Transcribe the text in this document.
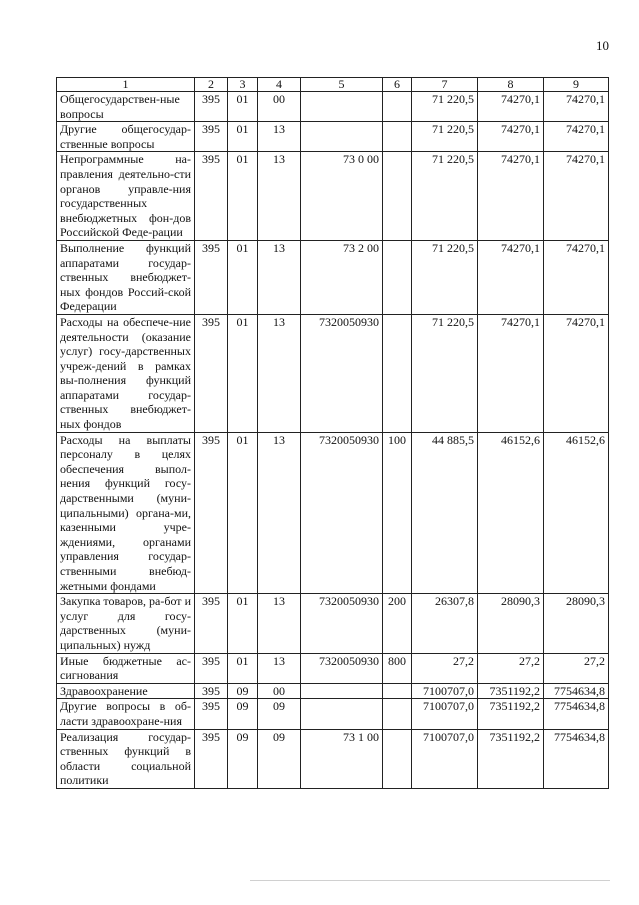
10
1	2	3	4	5	6	7	8	9
Общегосударствен-ные вопросы	395	01	00			71 220,5	74270,1	74270,1
Другие общегосудар-ственные вопросы	395	01	13			71 220,5	74270,1	74270,1
Непрограммные на-правления деятельно-сти органов управле-ния государственных внебюджетных фон-дов Российской Феде-рации	395	01	13	73 0 00		71 220,5	74270,1	74270,1
Выполнение функций аппаратами государ-ственных внебюджет-ных фондов Россий-ской Федерации	395	01	13	73 2 00		71 220,5	74270,1	74270,1
Расходы на обеспече-ние деятельности (оказание услуг) госу-дарственных учреж-дений в рамках вы-полнения функций аппаратами государ-ственных внебюджет-ных фондов	395	01	13	7320050930		71 220,5	74270,1	74270,1
Расходы на выплаты персоналу в целях обеспечения выпол-нения функций госу-дарственными (муни-ципальными) органа-ми, казенными учре-ждениями, органами управления государ-ственными внебюд-жетными фондами	395	01	13	7320050930	100	44 885,5	46152,6	46152,6
Закупка товаров, ра-бот и услуг для госу-дарственных (муни-ципальных) нужд	395	01	13	7320050930	200	26307,8	28090,3	28090,3
Иные бюджетные ас-сигнования	395	01	13	7320050930	800	27,2	27,2	27,2
Здравоохранение	395	09	00			7100707,0	7351192,2	7754634,8
Другие вопросы в об-ласти здравоохране-ния	395	09	09			7100707,0	7351192,2	7754634,8
Реализация государ-ственных функций в области социальной политики	395	09	09	73 1 00		7100707,0	7351192,2	7754634,8
